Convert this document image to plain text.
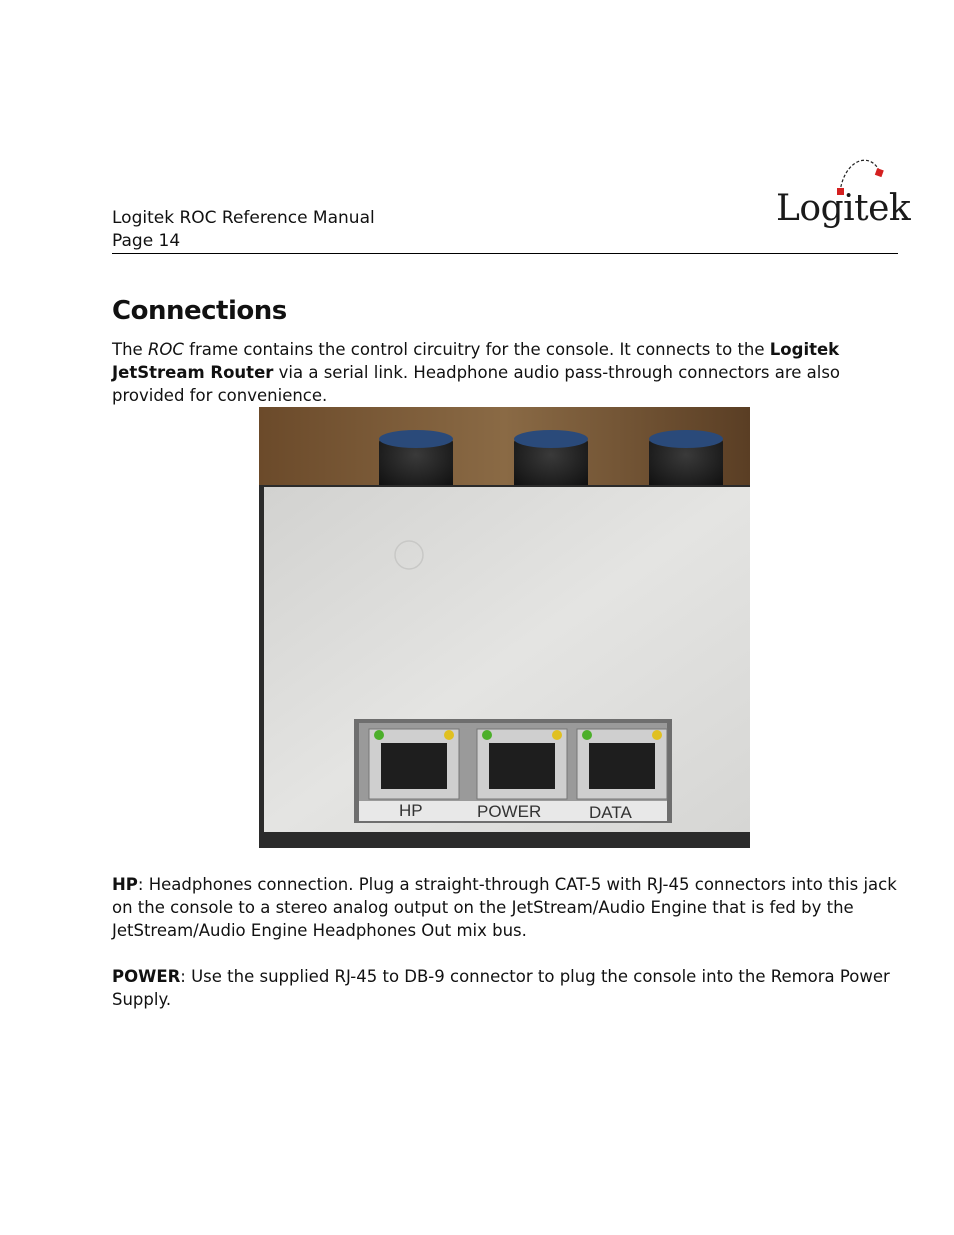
Logitek ROC Reference Manual
Page 14
Logitek
Connections

The ROC frame contains the control circuitry for the console. It connects to the Logitek JetStream Router via a serial link. Headphone audio pass-through connectors are also provided for convenience.

HP	POWER	DATA

HP: Headphones connection. Plug a straight-through CAT-5 with RJ-45 connectors into this jack on the console to a stereo analog output on the JetStream/Audio Engine that is fed by the JetStream/Audio Engine Headphones Out mix bus.

POWER: Use the supplied RJ-45 to DB-9 connector to plug the console into the Remora Power Supply.
